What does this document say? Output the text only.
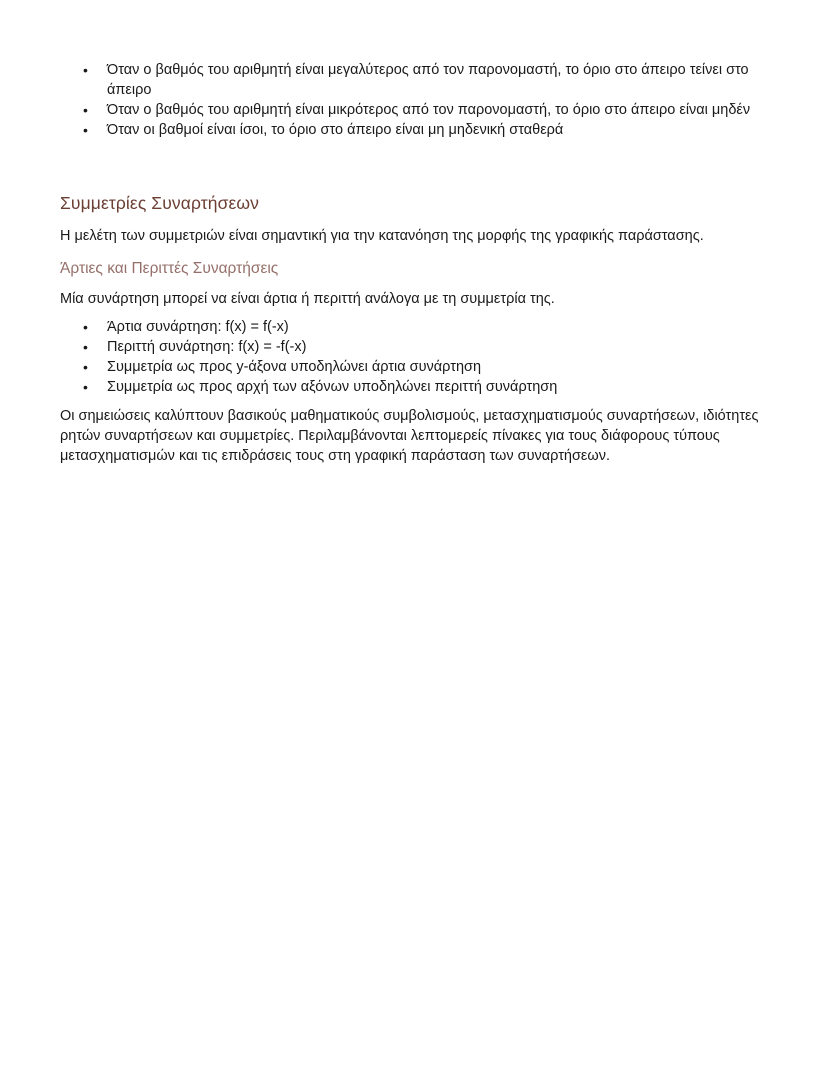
• Όταν ο βαθμός του αριθμητή είναι μεγαλύτερος από τον παρονομαστή, το όριο στο άπειρο τείνει στο άπειρο
• Όταν ο βαθμός του αριθμητή είναι μικρότερος από τον παρονομαστή, το όριο στο άπειρο είναι μηδέν
• Όταν οι βαθμοί είναι ίσοι, το όριο στο άπειρο είναι μη μηδενική σταθερά
Συμμετρίες Συναρτήσεων

Η μελέτη των συμμετριών είναι σημαντική για την κατανόηση της μορφής της γραφικής παράστασης.

Άρτιες και Περιττές Συναρτήσεις

Μία συνάρτηση μπορεί να είναι άρτια ή περιττή ανάλογα με τη συμμετρία της.

• Άρτια συνάρτηση: f(x) = f(-x)
• Περιττή συνάρτηση: f(x) = -f(-x)
• Συμμετρία ως προς y-άξονα υποδηλώνει άρτια συνάρτηση
• Συμμετρία ως προς αρχή των αξόνων υποδηλώνει περιττή συνάρτηση

Οι σημειώσεις καλύπτουν βασικούς μαθηματικούς συμβολισμούς, μετασχηματισμούς συναρτήσεων, ιδιότητες ρητών συναρτήσεων και συμμετρίες. Περιλαμβάνονται λεπτομερείς πίνακες για τους διάφορους τύπους μετασχηματισμών και τις επιδράσεις τους στη γραφική παράσταση των συναρτήσεων.
